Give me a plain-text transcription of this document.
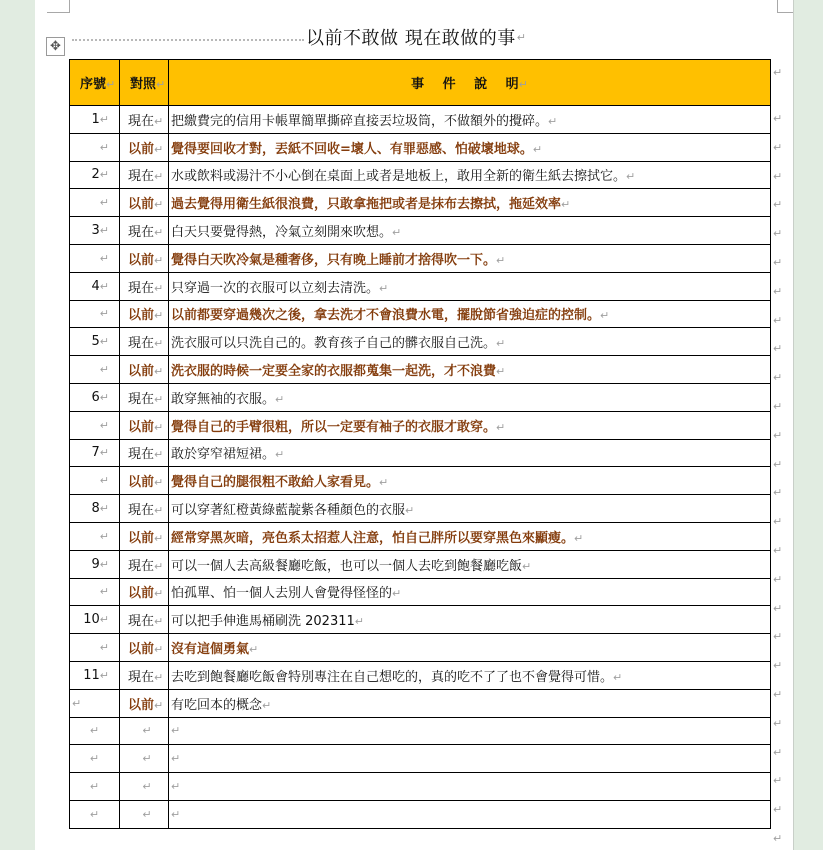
✥	以前不敢做 現在敢做的事 ↵
序號↵	對照↵	事 件 說 明↵
1↵	現在↵	把繳費完的信用卡帳單簡單撕碎直接丟垃圾筒，不做額外的攪碎。↵
↵	以前↵	覺得要回收才對，丟紙不回收=壞人、有罪惡感、怕破壞地球。↵
2↵	現在↵	水或飲料或湯汁不小心倒在桌面上或者是地板上，敢用全新的衛生紙去擦拭它。↵
↵	以前↵	過去覺得用衛生紙很浪費，只敢拿拖把或者是抹布去擦拭，拖延效率↵
3↵	現在↵	白天只要覺得熱，冷氣立刻開來吹想。↵
↵	以前↵	覺得白天吹冷氣是種奢侈，只有晚上睡前才捨得吹一下。↵
4↵	現在↵	只穿過一次的衣服可以立刻去清洗。↵
↵	以前↵	以前都要穿過幾次之後，拿去洗才不會浪費水電，擺脫節省強迫症的控制。↵
5↵	現在↵	洗衣服可以只洗自己的。教育孩子自己的髒衣服自己洗。↵
↵	以前↵	洗衣服的時候一定要全家的衣服都蒐集一起洗，才不浪費↵
6↵	現在↵	敢穿無袖的衣服。↵
↵	以前↵	覺得自己的手臂很粗，所以一定要有袖子的衣服才敢穿。↵
7↵	現在↵	敢於穿窄裙短裙。↵
↵	以前↵	覺得自己的腿很粗不敢給人家看見。↵
8↵	現在↵	可以穿著紅橙黃綠藍靛紫各種顏色的衣服↵
↵	以前↵	經常穿黑灰暗，亮色系太招惹人注意，怕自己胖所以要穿黑色來顯瘦。↵
9↵	現在↵	可以一個人去高級餐廳吃飯，也可以一個人去吃到飽餐廳吃飯↵
↵	以前↵	怕孤單、怕一個人去別人會覺得怪怪的↵
10↵	現在↵	可以把手伸進馬桶刷洗 202311↵
↵	以前↵	沒有這個勇氣↵
11↵	現在↵	去吃到飽餐廳吃飯會特別專注在自己想吃的，真的吃不了了也不會覺得可惜。↵
↵	以前↵	有吃回本的概念↵
↵	↵	↵
↵	↵	↵
↵	↵	↵
↵	↵	↵
↵
↵
↵
↵
↵
↵
↵
↵
↵
↵
↵
↵
↵
↵
↵
↵
↵
↵
↵
↵
↵
↵
↵
↵
↵
↵
↵
